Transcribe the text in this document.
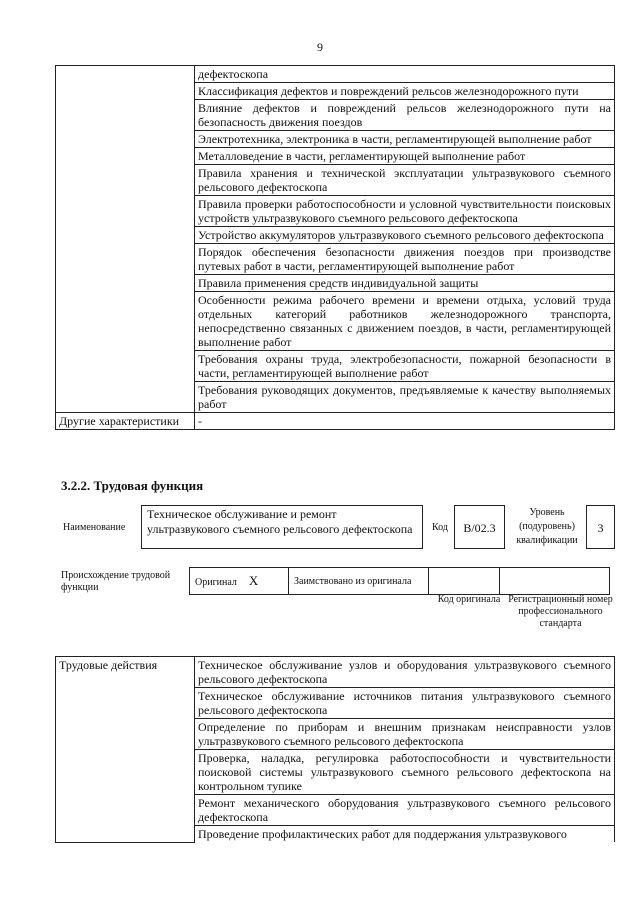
9
	дефектоскопа
	Классификация дефектов и повреждений рельсов железнодорожного пути
	Влияние дефектов и повреждений рельсов железнодорожного пути на безопасность движения поездов
	Электротехника, электроника в части, регламентирующей выполнение работ
	Металловедение в части, регламентирующей выполнение работ
	Правила хранения и технической эксплуатации ультразвукового съемного рельсового дефектоскопа
	Правила проверки работоспособности и условной чувствительности поисковых устройств ультразвукового съемного рельсового дефектоскопа
	Устройство аккумуляторов ультразвукового съемного рельсового дефектоскопа
	Порядок обеспечения безопасности движения поездов при производстве путевых работ в части, регламентирующей выполнение работ
	Правила применения средств индивидуальной защиты
	Особенности режима рабочего времени и времени отдыха, условий труда отдельных категорий работников железнодорожного транспорта, непосредственно связанных с движением поездов, в части, регламентирующей выполнение работ
	Требования охраны труда, электробезопасности, пожарной безопасности в части, регламентирующей выполнение работ
	Требования руководящих документов, предъявляемые к качеству выполняемых работ
Другие характеристики	-
3.2.2. Трудовая функция
Наименование
Техническое обслуживание и ремонт ультразвукового съемного рельсового дефектоскопа	Код	B/02.3
Уровень (подуровень) квалификации
3
Происхождение трудовой функции	Оригинал X	Заимствовано из оригинала		
Код оригинала Регистрационный номер профессионального стандарта
Трудовые действия	Техническое обслуживание узлов и оборудования ультразвукового съемного рельсового дефектоскопа
Техническое обслуживание источников питания ультразвукового съемного рельсового дефектоскопа
Определение по приборам и внешним признакам неисправности узлов ультразвукового съемного рельсового дефектоскопа
Проверка, наладка, регулировка работоспособности и чувствительности поисковой системы ультразвукового съемного рельсового дефектоскопа на контрольном тупике
Ремонт механического оборудования ультразвукового съемного рельсового дефектоскопа
Проведение профилактических работ для поддержания ультразвукового
